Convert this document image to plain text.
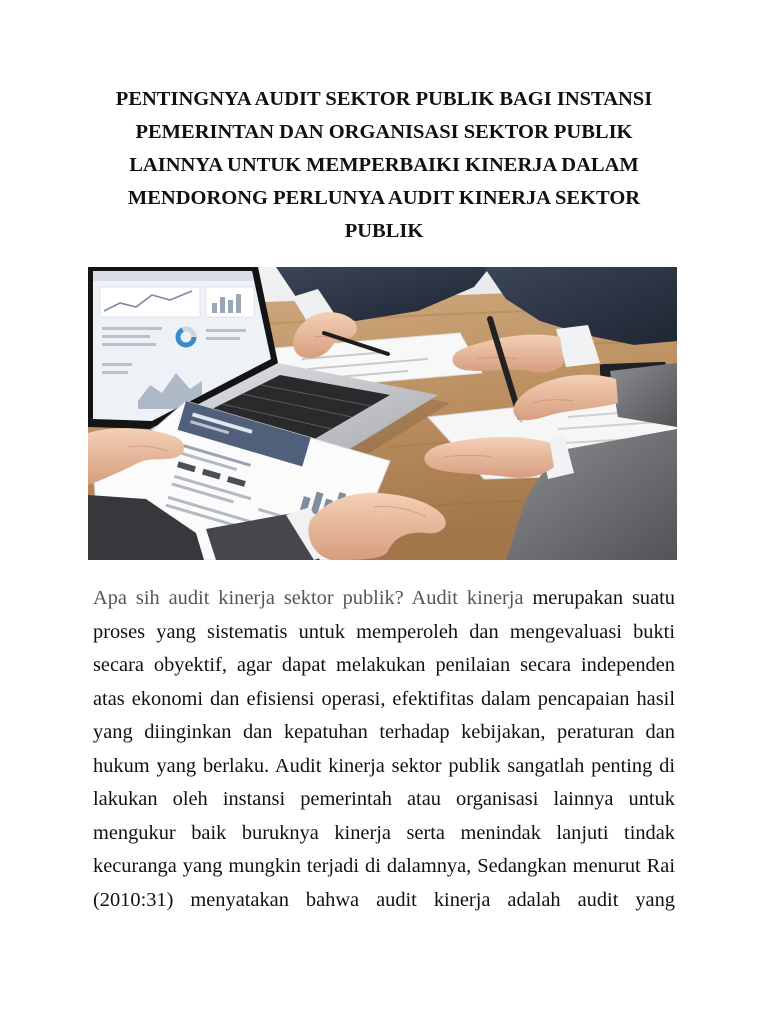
PENTINGNYA AUDIT SEKTOR PUBLIK BAGI INSTANSI
PEMERINTAN DAN ORGANISASI SEKTOR PUBLIK
LAINNYA UNTUK MEMPERBAIKI KINERJA DALAM
MENDORONG PERLUNYA AUDIT KINERJA SEKTOR
PUBLIK
Apa sih audit kinerja sektor publik? Audit kinerja merupakan suatu
proses yang sistematis untuk memperoleh dan mengevaluasi bukti
secara obyektif, agar dapat melakukan penilaian secara independen
atas ekonomi dan efisiensi operasi, efektifitas dalam pencapaian hasil
yang diinginkan dan kepatuhan terhadap kebijakan, peraturan dan
hukum yang berlaku. Audit kinerja sektor publik sangatlah penting di
lakukan oleh instansi pemerintah atau organisasi lainnya untuk
mengukur baik buruknya kinerja serta menindak lanjuti tindak
kecuranga yang mungkin terjadi di dalamnya, Sedangkan menurut Rai
(2010:31) menyatakan bahwa audit kinerja adalah audit yang
